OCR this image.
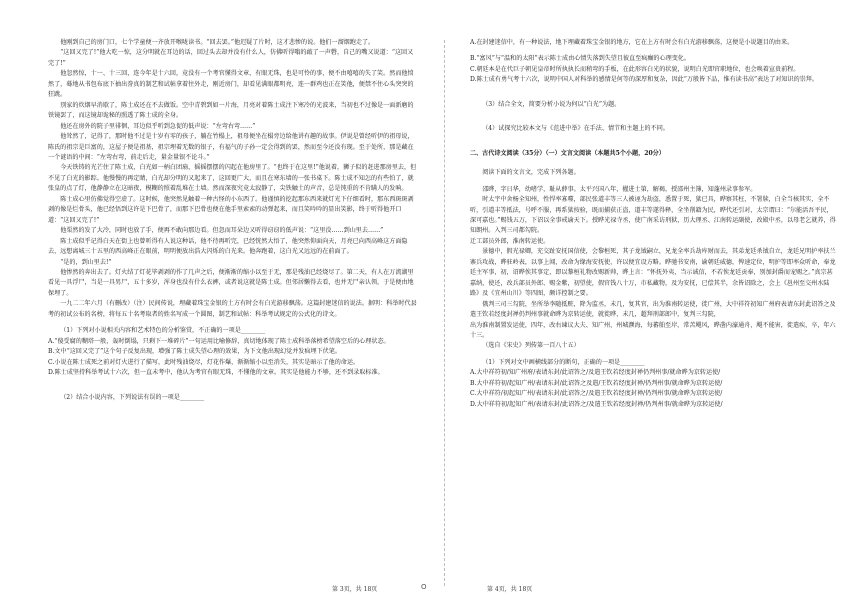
他刚到自己的房门口，七个学童便一齐放开喉咙读书。“回去罢。”他迟疑了片时，这才悲惨的说。他们一溜烟跑走了。

“这回又完了!”他大吃一惊，这分明就在耳边的话，回过头去却并没有什么人，仿佛听得嗡的敲了一声磬，自己的嘴又说道：“这回又完了!”

他忽然惊，十一、十三回，连今年是十六回，竟没有一个考官懂得文章，有眼无珠，也是可怜的事，便不由嘻嘻的失了笑。然而他愤然了，蓦地从书包布底下抽出誊真的制艺和试帖拿着往外走，刚近房门，却看见满眼都明亮，连一群鸡也正在笑他，便禁不住心头突突的狂跳。

别家的炊烟早消歇了，陈士成还在不去做饭。空中青碧到如一片海，月亮对着陈士成注下寒冷的光波来，当初也不过像是一面新磨的铁镜罢了，而这镜却诡秘的照透了陈士成的全身。

他还在房外的院子里徘徊，耳边似乎听到急促的低声说：“左弯右弯……”

他耸然了，记得了，那时他不过是十岁有零的孩子，躺在竹榻上，祖母便坐在榻旁边给他讲有趣的故事。伊说是曾经听伊的祖母说，陈氏的祖宗是巨富的，这屋子便是祖基，祖宗埋着无数的银子，有福气的子孙一定会得到的罢，然而至今还没有现。至于处所，那是藏在一个谜语的中间：“左弯右弯，前走后走，量金量银不论斗。”

今天铁铸的光芒住了陈士成，白光如一柄白团扇，摇摇摆摆的闪起在他房里了。“也终于在这里!”他说着，狮子似的赶进那房里去，但不见了白光的影踪。他慢慢的再定睛，白光却分明的又起来了，这回更广大，而且在寒东墙的一张书桌下。陈士成不知怎的有些怕了，就张皇的点了灯，他静静立在这暗夜，模糊的照着乱堆在土墙。然而深夜究竟太寂静了，尖铁触土的声音，总是钝重的不肯瞒人的发响。

陈士成心里仿佛觉得空虚了。这时候，他突然见触着一种古怪的小东西了。他谨慎的挖起那东西来就灯光下仔细看时，那东西斑斑剥剥的像是烂骨头，他已经悟到这许是下巴骨了，而那下巴骨也便在他手里索索的动弹起来，而且笑吟吟的显出笑影，终于听得他开口道：“这回又完了!”

他栗然的发了大冷，同时也放了手，便再不敢向那边看。但忽而耳朵边又听得窃窃的低声说：“这里没……到山里去……”

陈士成似乎记得白天在街上也曾听得有人说这种话，他不待再听完，已经恍然大悟了，他突然仰面向天，月亮已向西高峰这方面隐去，远想离城三十五里的西高峰正在眼前，明明便放出浩大闪烁的白光来。他奔跑着，这白光又远远的在前面了。

“是的，到山里去!”

他惨然的奔出去了。灯火结了灯花毕剥剥的作了几声之后，便渐渐的缩小以至于无，那是残油已经烧尽了。第二天，有人在万流湖里看见一具浮尸，当是一具男尸，五十多岁，浑身也没有什么衣裤，或者说这就是陈士成。但邻居懒得去看，也并无尸亲认领，于是便由地保埋了。

一九二二年六月（有删改）（注）民间传说，埋藏着珠宝金银的土方有时会有白光游移飘荡。这篇封建迷信的说法。据明：科举时代县考的初试公布的名榜，将每五十名考取者的姓名写成一个圆图，制艺和试帖：科举考试规定的公式化的诗文。

（1）下列对小说相关内容和艺术特色的分析鉴赏，不正确的一项是________

A.“傻受腐的糊塔一般，轰时倒塌，只剩下一堆碎片”一句运用比喻修辞，真切地体现了陈士成科举落榜希望落空后的心理状态。

B.文中“这回又完了”这个句子反复出现，增强了陈士成失望心理的效果，为下文他出现幻觉并发疯埋下伏笔。

C.小说在陈士成死之前对灯火进行了描写，此时残油烧尽，灯花作爆，渐渐缩小以至消失，其实是暗示了他的命运。

D.陈士成坚持科举考试十六次，但一直未考中，他认为考官有眼无珠，不懂他的文章。其实是他能力不够，还不到录取标准。

（2）结合小说内容，下列说法有误的一项是________

A.在封建迷信中，有一种说法，地下埋藏着珠宝金银的地方，它在上方有时会有白光游移飘荡，这便是小说题目的由来。

B.“富风”与“温和的太阳”表示陈士成由心情失落到失望且彼直至疯癫的心理变化。

C.朝廷本是在代巨子朝见皇帝时所执执长而稍弯的手板，在此形容白光的状貌，说明白光即官职地位，也会唤着宣贵前程。

D.陈士成有勇气考十六次，说明中国人对科举的感情是何等的深厚和复杂，因此“万般皆下品，惟有读书高”表达了对知识的崇拜。

（3）结合全文，简要分析小说为何以“白光”为题。

（4）试探究比较本文与《范进中举》在手法、情节和主题上的不同。

二、古代诗文阅读（35分）（一）文言文阅读（本题共5个小题，20分）

阅读下面的文言文，完成下列各题。

邵晔，字日华，幼嗜学，耻从薛事。太平兴国八年，擢进士第，解褐，授邵州主簿，知蓬州录事参军。

时太宇中舍杨全知州，性悍率寡噬，部民张道丰等三人被诬为劫盗，悉置于死，狱已具，晔察其枉，不署牍，白全当核其实，全不听，引道丰等抵法，号呼不服，再系狱按验，既而捕获正盗，道丰等遂得释，全坐削籍为民，晔代还引对，太宗谓曰：“尔能活吾平民，深可嘉也。”赐钱五万，下诏以全事戒谕天下。授晔光禄寺丞，使广南采访刑狱，历大理丞、江南转运副使，改殿中丞，以母老乞就养，得知朗州。入判三司都勾院。

迁工部员外郎，淮南转运使。

景德中，假光禄卿，充交趾安抚国信使，会黎桓死，其子龙钺嗣立，兄龙全率兵劫库财而去，其弟龙廷杀钺自立，龙廷兄明护率扶兰寨兵攻战，晔驻岭表，以事上闻，改命为缘海安抚使，许以便宜设方略。晔驰书安南，谕朝廷威德，俾速定位，明护等即率众听命，奉龙廷主军事，初，诏晔俟其事定，即以黎桓礼物改赐新帅，晔上言：“怀抚外夷，当示诚信，不若俟龙廷贡奉，别加封爵而宠赐之。”真宗甚嘉纳，使还，改兵部员外郎、赐金紫，初望使，假官钱八十万，市私藏物，及为安抚，已偿其半，余皆诏除之，会上《邕州至交州水陆路》及《宜州山川》等四图，颇详控制之要。

俄判三司三勾院，坐所举李随抵赃，降为监丞，未几，复其官，出为淮南转运使，徙广州，大中祥符初知广州府表请东封此诏答之及遣王钦若经度封禅仍判州事就命晔为京转运使，就徙晔，未几，超拜刑部郎中，复判三勾院，

出为淮南制置发运使，四年，改右谏议大夫、知广州，州城濒海，每蕃舶至岸，常苦飓风，晔凿内濠通舟，飓不能害，徙遣疾，卒，年六十三。

（选自《宋史》列传第一百八十五）

（1）下列对文中画横线部分的断句，正确的一项是________

A.大中祥符初/知广州府/表请东封/此诏答之/及遣王钦若经度封禅仍判州事/就命晔为京转运使/

B.大中祥符初/起知广州/表请东封/此诏答之及遣/王钦若经度封禅/仍判州事/就命晔为京转运使/

C.大中祥符/初起知广州/表请东封/此诏答之/及遣王钦若经度封禅/仍判州事/就命晔为京转运使/

D.大中祥符初/起知广州/表请东封/此诏答之/及遣王钦若经度封禅/仍判州事/就命晔为京转运使/

第 3页，共 18页	O	第 4页，共 18页
